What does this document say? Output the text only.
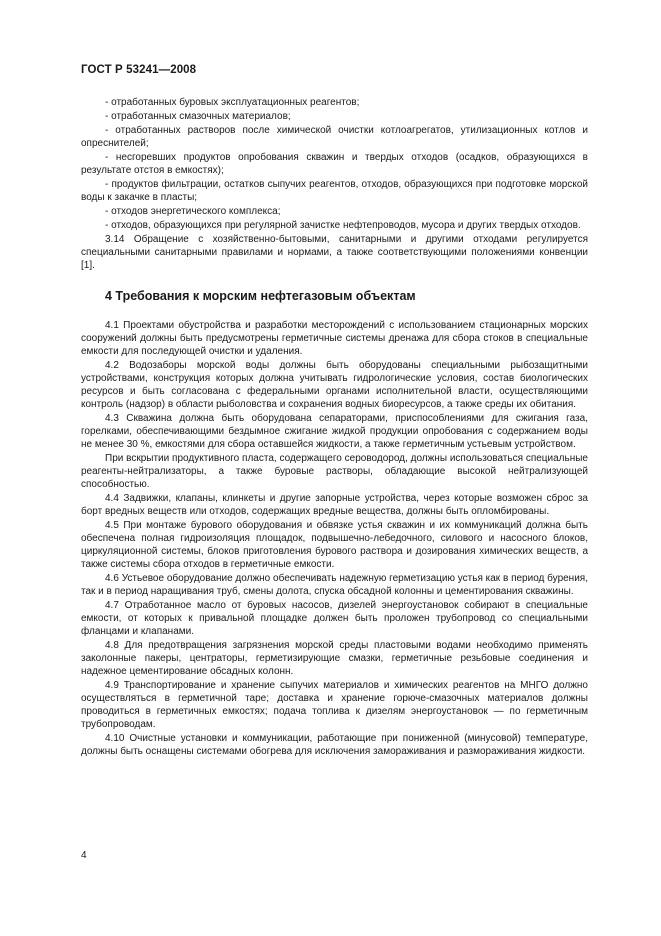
ГОСТ Р 53241—2008

- отработанных буровых эксплуатационных реагентов;

- отработанных смазочных материалов;

- отработанных растворов после химической очистки котлоагрегатов, утилизационных котлов и опреснителей;

- несгоревших продуктов опробования скважин и твердых отходов (осадков, образующихся в результате отстоя в емкостях);

- продуктов фильтрации, остатков сыпучих реагентов, отходов, образующихся при подготовке морской воды к закачке в пласты;

- отходов энергетического комплекса;

- отходов, образующихся при регулярной зачистке нефтепроводов, мусора и других твердых отходов.

3.14 Обращение с хозяйственно-бытовыми, санитарными и другими отходами регулируется специальными санитарными правилами и нормами, а также соответствующими положениями конвенции [1].

4 Требования к морским нефтегазовым объектам

4.1 Проектами обустройства и разработки месторождений с использованием стационарных морских сооружений должны быть предусмотрены герметичные системы дренажа для сбора стоков в специальные емкости для последующей очистки и удаления.

4.2 Водозаборы морской воды должны быть оборудованы специальными рыбозащитными устройствами, конструкция которых должна учитывать гидрологические условия, состав биологических ресурсов и быть согласована с федеральными органами исполнительной власти, осуществляющими контроль (надзор) в области рыболовства и сохранения водных биоресурсов, а также среды их обитания.

4.3 Скважина должна быть оборудована сепараторами, приспособлениями для сжигания газа, горелками, обеспечивающими бездымное сжигание жидкой продукции опробования с содержанием воды не менее 30 %, емкостями для сбора оставшейся жидкости, а также герметичным устьевым устройством.

При вскрытии продуктивного пласта, содержащего сероводород, должны использоваться специальные реагенты-нейтрализаторы, а также буровые растворы, обладающие высокой нейтрализующей способностью.

4.4 Задвижки, клапаны, клинкеты и другие запорные устройства, через которые возможен сброс за борт вредных веществ или отходов, содержащих вредные вещества, должны быть опломбированы.

4.5 При монтаже бурового оборудования и обвязке устья скважин и их коммуникаций должна быть обеспечена полная гидроизоляция площадок, подвышечно-лебедочного, силового и насосного блоков, циркуляционной системы, блоков приготовления бурового раствора и дозирования химических веществ, а также системы сбора отходов в герметичные емкости.

4.6 Устьевое оборудование должно обеспечивать надежную герметизацию устья как в период бурения, так и в период наращивания труб, смены долота, спуска обсадной колонны и цементирования скважины.

4.7 Отработанное масло от буровых насосов, дизелей энергоустановок собирают в специальные емкости, от которых к привальной площадке должен быть проложен трубопровод со специальными фланцами и клапанами.

4.8 Для предотвращения загрязнения морской среды пластовыми водами необходимо применять заколонные пакеры, центраторы, герметизирующие смазки, герметичные резьбовые соединения и надежное цементирование обсадных колонн.

4.9 Транспортирование и хранение сыпучих материалов и химических реагентов на МНГО должно осуществляться в герметичной таре; доставка и хранение горюче-смазочных материалов должны проводиться в герметичных емкостях; подача топлива к дизелям энергоустановок — по герметичным трубопроводам.

4.10 Очистные установки и коммуникации, работающие при пониженной (минусовой) температуре, должны быть оснащены системами обогрева для исключения замораживания и размораживания жидкости.

4
